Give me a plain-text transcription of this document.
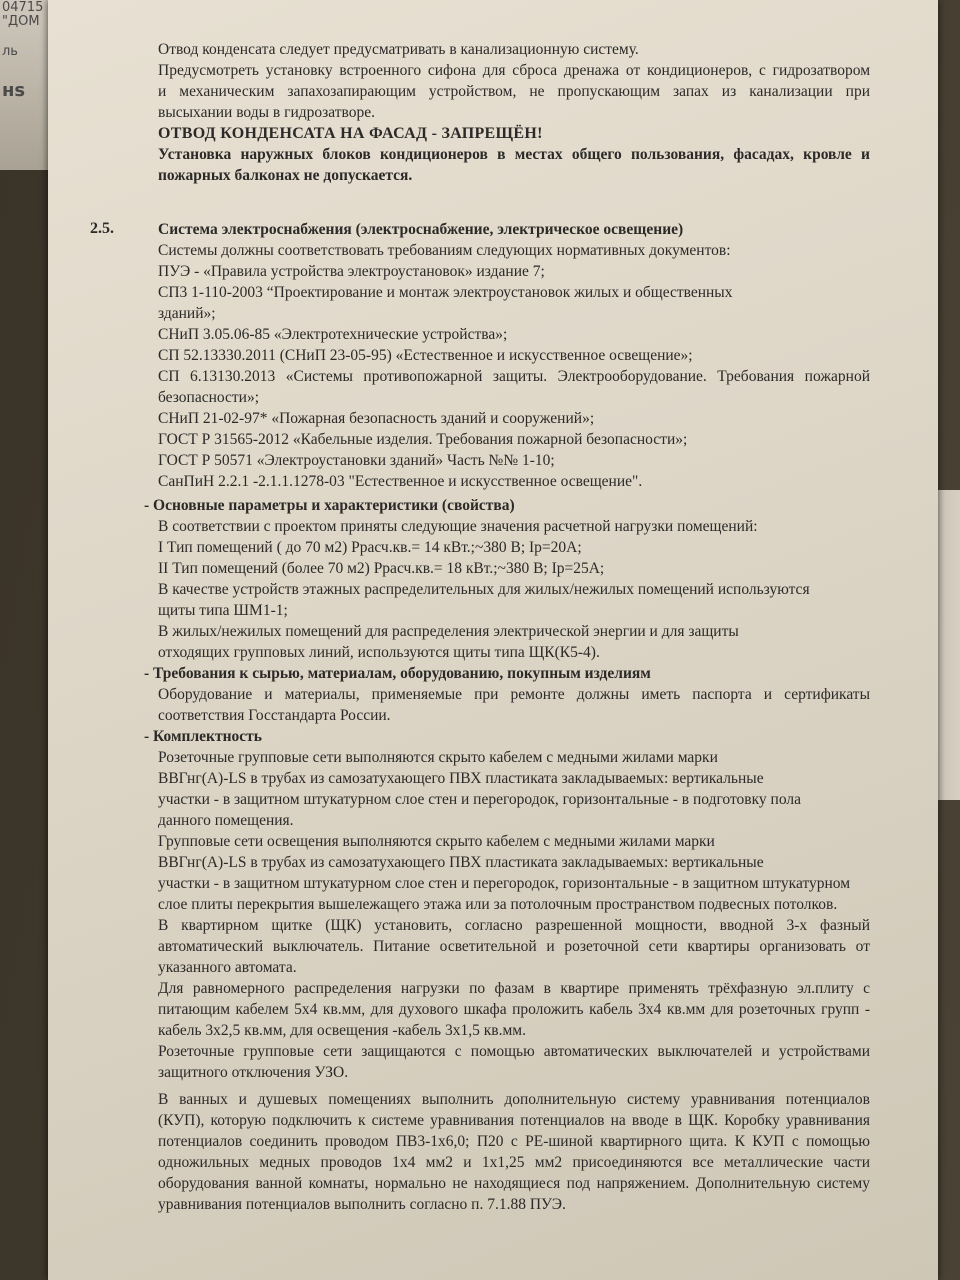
04715
"ДОМ
ль
нs
2.5.
Отвод конденсата следует предусматривать в канализационную систему.
Предусмотреть установку встроенного сифона для сброса дренажа от кондиционеров, с гидрозатвором
и механическим запахозапирающим устройством, не пропускающим запах из канализации при
высыхании воды в гидрозатворе.
ОТВОД КОНДЕНСАТА НА ФАСАД - ЗАПРЕЩЁН!
Установка наружных блоков кондиционеров в местах общего пользования, фасадах, кровле и
пожарных балконах не допускается.
Система электроснабжения (электроснабжение, электрическое освещение)
Системы должны соответствовать требованиям следующих нормативных документов:
ПУЭ - «Правила устройства электроустановок» издание 7;
СП3 1-110-2003 “Проектирование и монтаж электроустановок жилых и общественных
зданий»;
СНиП 3.05.06-85 «Электротехнические устройства»;
СП 52.13330.2011 (СНиП 23-05-95) «Естественное и искусственное освещение»;
СП 6.13130.2013 «Системы противопожарной защиты. Электрооборудование. Требования пожарной
безопасности»;
СНиП 21-02-97* «Пожарная безопасность зданий и сооружений»;
ГОСТ Р 31565-2012 «Кабельные изделия. Требования пожарной безопасности»;
ГОСТ Р 50571 «Электроустановки зданий» Часть №№ 1-10;
СанПиН 2.2.1 -2.1.1.1278-03 "Естественное и искусственное освещение".
- Основные параметры и характеристики (свойства)
В соответствии с проектом приняты следующие значения расчетной нагрузки помещений:
I Тип помещений ( до 70 м2) Ррасч.кв.= 14 кВт.;~380 В; Iр=20А;
II Тип помещений (более 70 м2) Ррасч.кв.= 18 кВт.;~380 В; Iр=25А;
В качестве устройств этажных распределительных для жилых/нежилых помещений используются
щиты типа ШМ1-1;
В жилых/нежилых помещений для распределения электрической энергии и для защиты
отходящих групповых линий, используются щиты типа ЩК(К5-4).
- Требования к сырью, материалам, оборудованию, покупным изделиям
Оборудование и материалы, применяемые при ремонте должны иметь паспорта и сертификаты
соответствия Госстандарта России.
- Комплектность
Розеточные групповые сети выполняются скрыто кабелем с медными жилами марки
ВВГнг(А)-LS в трубах из самозатухающего ПВХ пластиката закладываемых: вертикальные
участки - в защитном штукатурном слое стен и перегородок, горизонтальные - в подготовку пола
данного помещения.
Групповые сети освещения выполняются скрыто кабелем с медными жилами марки
ВВГнг(А)-LS в трубах из самозатухающего ПВХ пластиката закладываемых: вертикальные
участки - в защитном штукатурном слое стен и перегородок, горизонтальные - в защитном штукатурном
слое плиты перекрытия вышележащего этажа или за потолочным пространством подвесных потолков.
В квартирном щитке (ЩК) установить, согласно разрешенной мощности, вводной 3-х фазный
автоматический выключатель. Питание осветительной и розеточной сети квартиры организовать от
указанного автомата.
Для равномерного распределения нагрузки по фазам в квартире применять трёхфазную эл.плиту с
питающим кабелем 5х4 кв.мм, для духового шкафа проложить кабель 3х4 кв.мм для розеточных групп -
кабель 3х2,5 кв.мм, для освещения -кабель 3х1,5 кв.мм.
Розеточные групповые сети защищаются с помощью автоматических выключателей и устройствами
защитного отключения УЗО.
В ванных и душевых помещениях выполнить дополнительную систему уравнивания потенциалов
(КУП), которую подключить к системе уравнивания потенциалов на вводе в ЩК. Коробку уравнивания
потенциалов соединить проводом ПВ3-1х6,0; П20 с РЕ-шиной квартирного щита. К КУП с помощью
одножильных медных проводов 1х4 мм2 и 1х1,25 мм2 присоединяются все металлические части
оборудования ванной комнаты, нормально не находящиеся под напряжением. Дополнительную систему
уравнивания потенциалов выполнить согласно п. 7.1.88 ПУЭ.
